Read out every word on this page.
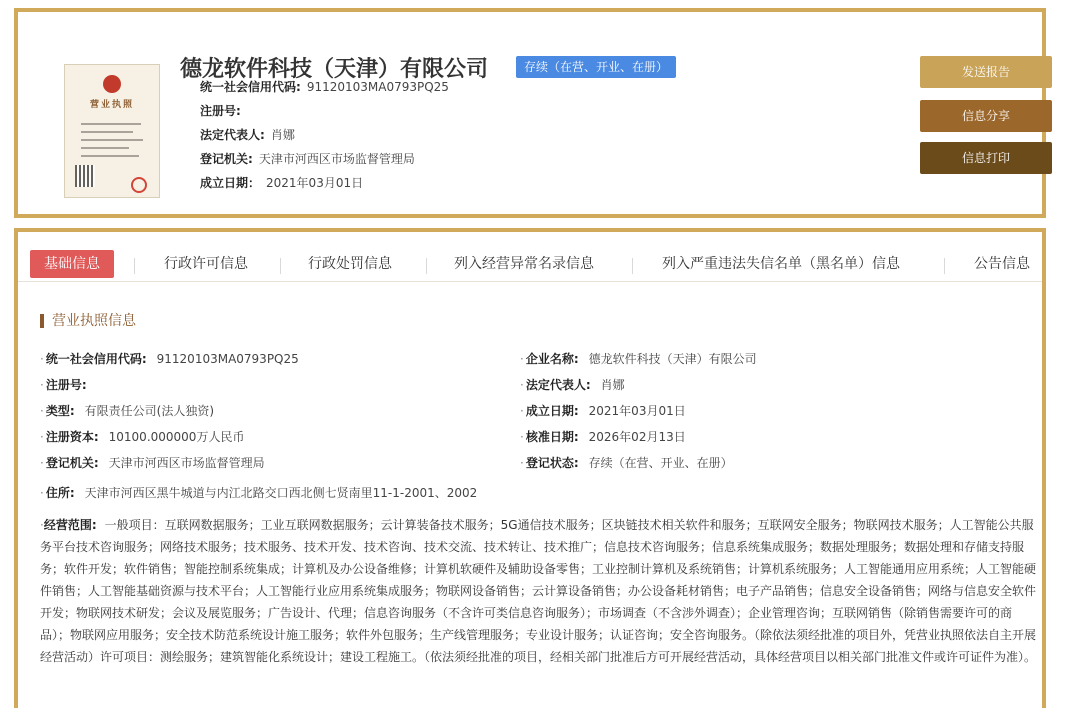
营业执照
德龙软件科技（天津）有限公司	存续（在营、开业、在册）
统一社会信用代码: 91120103MA0793PQ25
注册号:
法定代表人: 肖娜
登记机关: 天津市河西区市场监督管理局
成立日期： 2021年03月01日
发送报告
信息分享
信息打印
基础信息	行政许可信息	行政处罚信息	列入经营异常名录信息	列入严重违法失信名单（黑名单）信息	公告信息
营业执照信息
· 统一社会信用代码: 91120103MA0793PQ25
· 注册号:
· 类型: 有限责任公司(法人独资)
· 注册资本: 10100.000000万人民币
· 登记机关: 天津市河西区市场监督管理局
· 企业名称: 德龙软件科技（天津）有限公司
· 法定代表人: 肖娜
· 成立日期: 2021年03月01日
· 核准日期: 2026年02月13日
· 登记状态: 存续（在营、开业、在册）
· 住所: 天津市河西区黑牛城道与内江北路交口西北侧七贤南里11-1-2001、2002
·经营范围: 一般项目：互联网数据服务；工业互联网数据服务；云计算装备技术服务；5G通信技术服务；区块链技术相关软件和服务；互联网安全服务；物联网技术服务；人工智能公共服务平台技术咨询服务；网络技术服务；技术服务、技术开发、技术咨询、技术交流、技术转让、技术推广；信息技术咨询服务；信息系统集成服务；数据处理服务；数据处理和存储支持服务；软件开发；软件销售；智能控制系统集成；计算机及办公设备维修；计算机软硬件及辅助设备零售；工业控制计算机及系统销售；计算机系统服务；人工智能通用应用系统；人工智能硬件销售；人工智能基础资源与技术平台；人工智能行业应用系统集成服务；物联网设备销售；云计算设备销售；办公设备耗材销售；电子产品销售；信息安全设备销售；网络与信息安全软件开发；物联网技术研发；会议及展览服务；广告设计、代理；信息咨询服务（不含许可类信息咨询服务）；市场调查（不含涉外调查）；企业管理咨询；互联网销售（除销售需要许可的商品）；物联网应用服务；安全技术防范系统设计施工服务；软件外包服务；生产线管理服务；专业设计服务；认证咨询；安全咨询服务。（除依法须经批准的项目外，凭营业执照依法自主开展经营活动）许可项目：测绘服务；建筑智能化系统设计；建设工程施工。（依法须经批准的项目，经相关部门批准后方可开展经营活动，具体经营项目以相关部门批准文件或许可证件为准）。
